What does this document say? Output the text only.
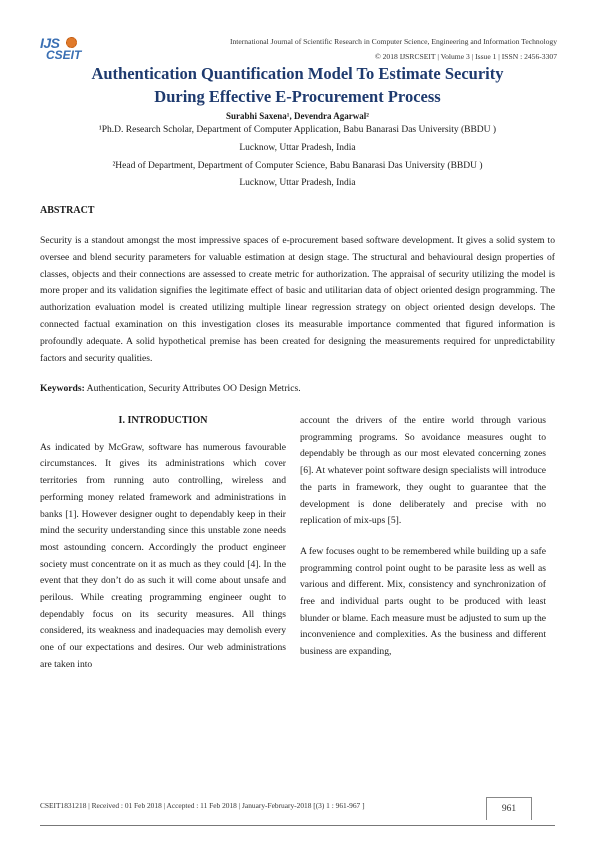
IJS
CSEIT
International Journal of Scientific Research in Computer Science, Engineering and Information Technology
© 2018 IJSRCSEIT | Volume 3 | Issue 1 | ISSN : 2456-3307
Authentication Quantification Model To Estimate Security
During Effective E-Procurement Process
Surabhi Saxena¹, Devendra Agarwal²
¹Ph.D. Research Scholar, Department of Computer Application, Babu Banarasi Das University (BBDU )
Lucknow, Uttar Pradesh, India
²Head of Department, Department of Computer Science, Babu Banarasi Das University (BBDU )
Lucknow, Uttar Pradesh, India
ABSTRACT
Security is a standout amongst the most impressive spaces of e-procurement based software development. It gives a solid system to oversee and blend security parameters for valuable estimation at design stage. The structural and behavioural design properties of classes, objects and their connections are assessed to create metric for authorization. The appraisal of security utilizing the model is more proper and its validation signifies the legitimate effect of basic and utilitarian data of object oriented design programming. The authorization evaluation model is created utilizing multiple linear regression strategy on object oriented design develops. The connected factual examination on this investigation closes its measurable importance commented that figured information is profoundly adequate. A solid hypothetical premise has been created for designing the measurements required for unpredictability factors and security qualities.
Keywords: Authentication, Security Attributes OO Design Metrics.
I. INTRODUCTION

As indicated by McGraw, software has numerous favourable circumstances. It gives its administrations which cover territories from running auto controlling, wireless and performing money related framework and administrations in banks [1]. However designer ought to dependably keep in their mind the security understanding since this unstable zone needs most astounding concern. Accordingly the product engineer society must concentrate on it as much as they could [4]. In the event that they don’t do as such it will come about unsafe and perilous. While creating programming engineer ought to dependably focus on its security measures. All things considered, its weakness and inadequacies may demolish every one of our expectations and desires. Our web administrations are taken into

account the drivers of the entire world through various programming programs. So avoidance measures ought to dependably be through as our most elevated concerning zones [6]. At whatever point software design specialists will introduce the parts in framework, they ought to guarantee that the development is done deliberately and precise with no replication of mix-ups [5].

A few focuses ought to be remembered while building up a safe programming control point ought to be parasite less as well as various and different. Mix, consistency and synchronization of free and individual parts ought to be produced with least blunder or blame. Each measure must be adjusted to sum up the inconvenience and complexities. As the business and different business are expanding,

CSEIT1831218 | Received : 01 Feb 2018 | Accepted : 11 Feb 2018 | January-February-2018 [(3) 1 : 961-967 ]	961
